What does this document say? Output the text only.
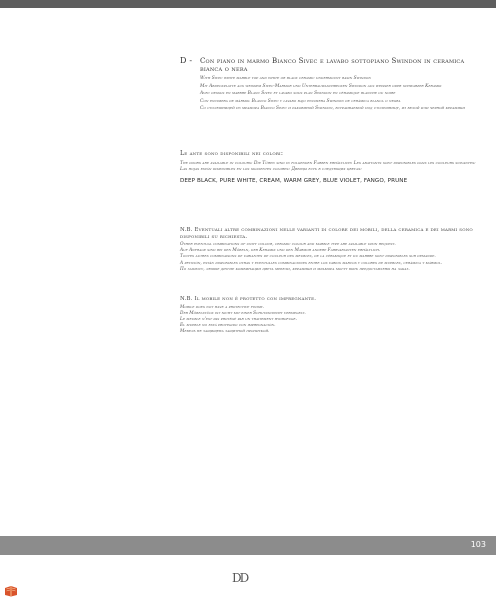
D - Con piano in marmo Bianco Sivec e lavabo sottopiano Swindon in ceramica bianca o nera
With Sivec white marble top and white or black ceramic undermount basin Swindon
Mit Abdeckplatte aus weissem Sivec-Marmor und Unterbauwaschbecken Swindon aus weisser oder schwarzer Keramik
Avec dessus en marbre Blanc Sivec et lavabo sous plan Swindon en céramique blanche ou noire
Con encimera de mármol Blanco Sivec y lavabo bajo encimera Swindon de cerámica blanca o negra
Со столешницей из мрамора Bianco Sivec и раковиной Swindon, встраиваемой под столешницу, из белой или черной керамики
Le ante sono disponibili nei colori:
The doors are available in colours: Die Türen sind in folgenden Farben erhältlich: Les abattants sont disponibles dans les couleurs suivantes: Las hojas están disponibles en los siguientes colores: Дверцы есть в следующих цветах:
DEEP BLACK, PURE WHITE, CREAM, WARM GREY, BLUE VIOLET, FANGO, PRUNE
N.B. Eventuali altre combinazioni nelle varianti di colore dei mobili, della ceramica e dei marmi sono disponibili su richiesta.
Other eventual combinations of unity colour, ceramic colour and marble type are available upon request.
Auf Anfrage sind bei den Möbeln, der Keramik und den Marmor andere Farbvarianten erhältlich.
Toutes autres combinaisons de variantes de couleur des meubles, de la céramique et du marbre sont disponibles sur demande.
A petición, están disponibles otras y eventuales combinaciones entre los varios marcos y colores de muebles, cerámica y mármol.
По запросу, любые другие комбинации цвета мебели, керамики и мрамора могут быть предоставлены на заказ.
N.B. Il mobile non è protetto con impregnante.
Mobile does not have a protective finish.
Der Möbelstück ist nicht mit einer Schutzschicht versiegelt.
Le meuble n'est pas protégé par un traitement hydrofuge.
El mueble no está protegido con impregnación.
Мебель не защищена защитной пропиткой.
103
DD
